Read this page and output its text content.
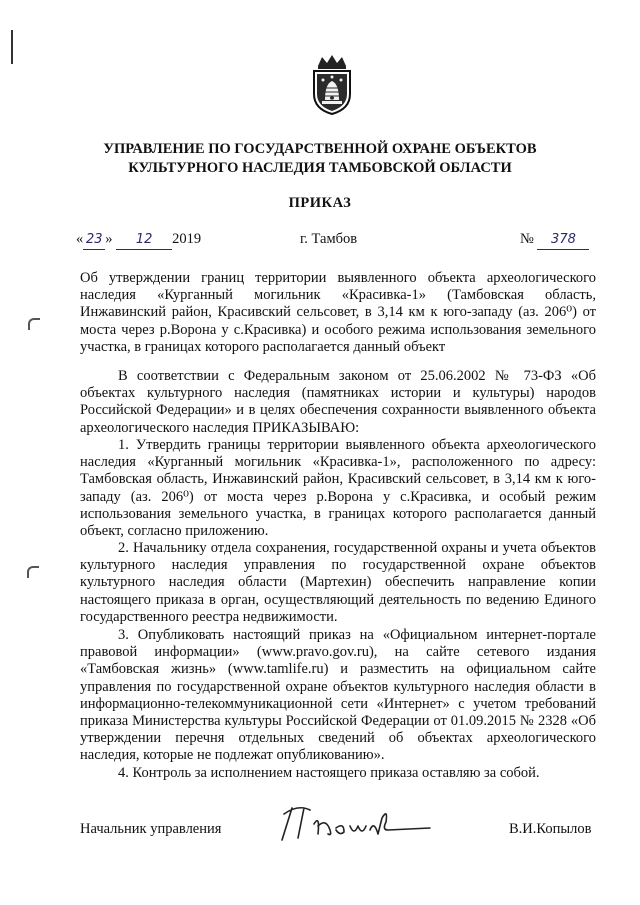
УПРАВЛЕНИЕ ПО ГОСУДАРСТВЕННОЙ ОХРАНЕ ОБЪЕКТОВ
КУЛЬТУРНОГО НАСЛЕДИЯ ТАМБОВСКОЙ ОБЛАСТИ
ПРИКАЗ
« 23 » 12 2019	г. Тамбов	№ 378

Об утверждении границ территории выявленного объекта археологического наследия «Курганный могильник «Красивка-1» (Тамбовская область, Инжавинский район, Красивский сельсовет, в 3,14 км к юго-западу (аз. 206⁰) от моста через р.Ворона у с.Красивка) и особого режима использования земельного участка, в границах которого располагается данный объект

В соответствии с Федеральным законом от 25.06.2002 № 73-ФЗ «Об объектах культурного наследия (памятниках истории и культуры) народов Российской Федерации» и в целях обеспечения сохранности выявленного объекта археологического наследия ПРИКАЗЫВАЮ:

1. Утвердить границы территории выявленного объекта археологического наследия «Курганный могильник «Красивка-1», расположенного по адресу: Тамбовская область, Инжавинский район, Красивский сельсовет, в 3,14 км к юго-западу (аз. 206⁰) от моста через р.Ворона у с.Красивка, и особый режим использования земельного участка, в границах которого располагается данный объект, согласно приложению.

2. Начальнику отдела сохранения, государственной охраны и учета объектов культурного наследия управления по государственной охране объектов культурного наследия области (Мартехин) обеспечить направление копии настоящего приказа в орган, осуществляющий деятельность по ведению Единого государственного реестра недвижимости.

3. Опубликовать настоящий приказ на «Официальном интернет-портале правовой информации» (www.pravo.gov.ru), на сайте сетевого издания «Тамбовская жизнь» (www.tamlife.ru) и разместить на официальном сайте управления по государственной охране объектов культурного наследия области в информационно-телекоммуникационной сети «Интернет» с учетом требований приказа Министерства культуры Российской Федерации от 01.09.2015 № 2328 «Об утверждении перечня отдельных сведений об объектах археологического наследия, которые не подлежат опубликованию».

4. Контроль за исполнением настоящего приказа оставляю за собой.

Начальник управления	В.И.Копылов
